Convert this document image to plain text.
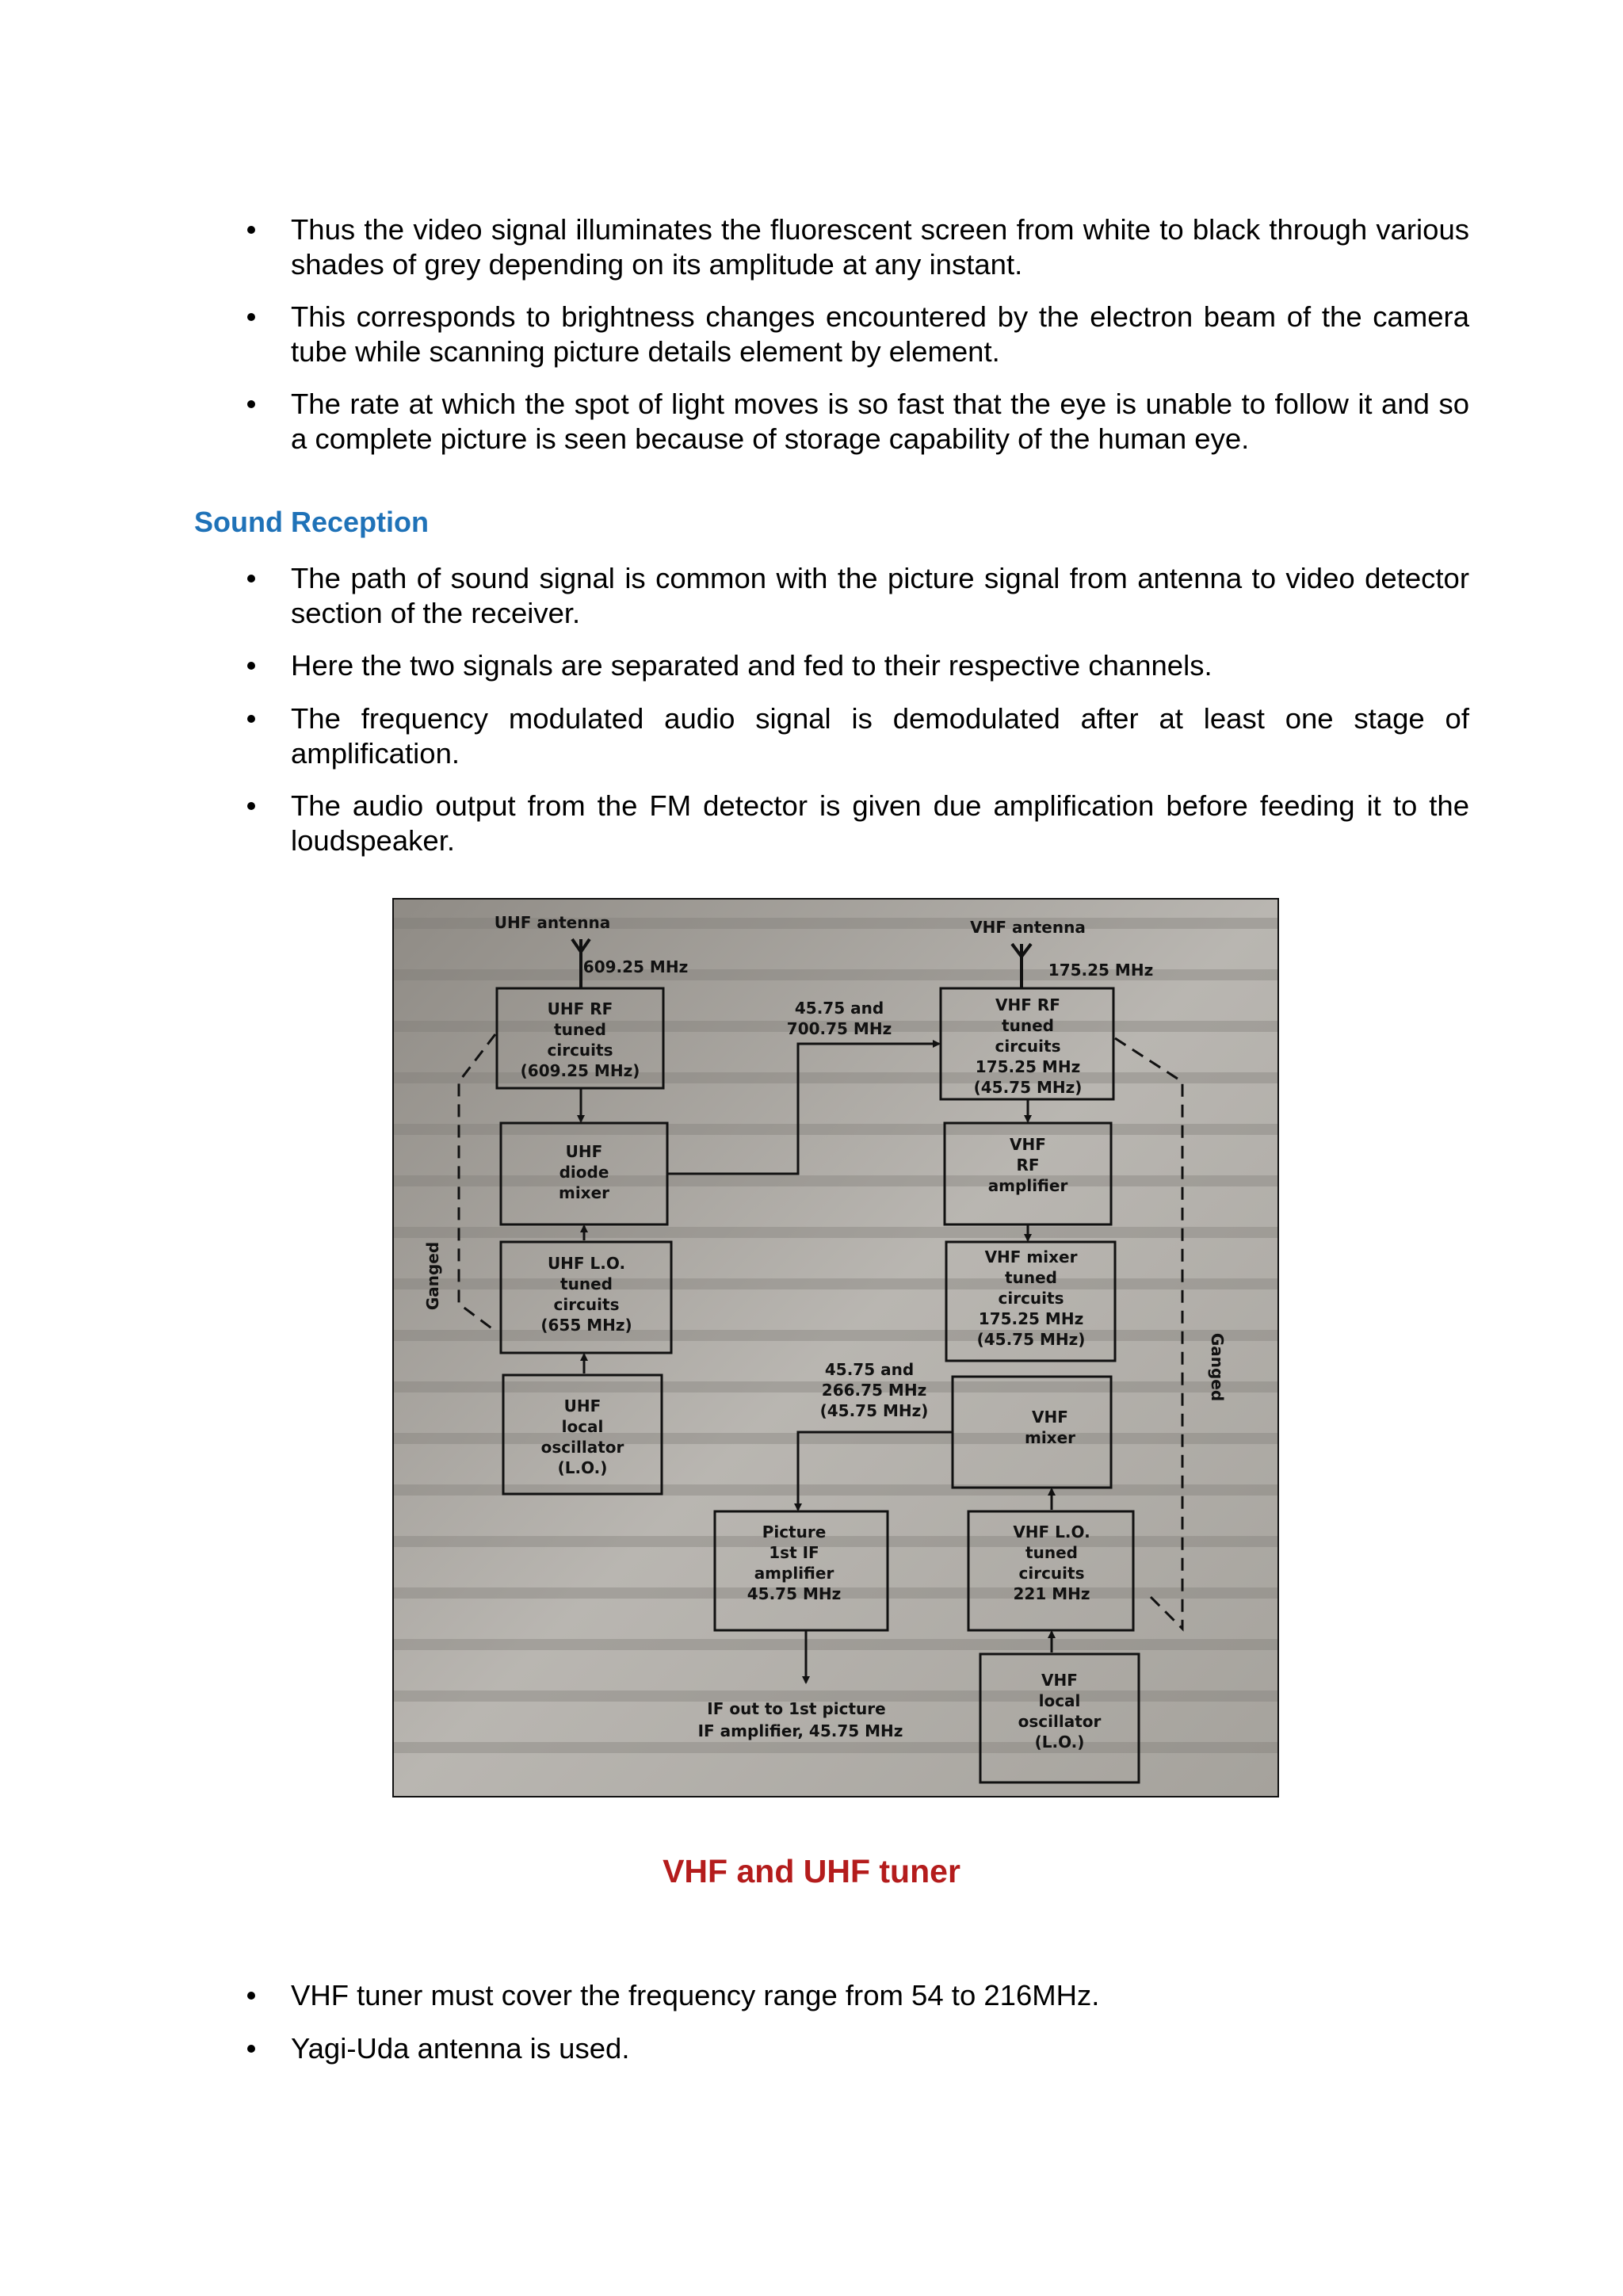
Thus the video signal illuminates the fluorescent screen from white to black through various shades of grey depending on its amplitude at any instant.
This corresponds to brightness changes encountered by the electron beam of the camera tube while scanning picture details element by element.
The rate at which the spot of light moves is so fast that the eye is unable to follow it and so a complete picture is seen because of storage capability of the human eye.
Sound Reception
The path of sound signal is common with the picture signal from antenna to video detector section of the receiver.
Here the two signals are separated and fed to their respective channels.
The frequency modulated audio signal is demodulated after at least one stage of amplification.
The audio output from the FM detector is given due amplification before feeding it to the loudspeaker.
UHF antenna
609.25 MHz
VHF antenna
175.25 MHz
UHF RF
tuned
circuits
(609.25 MHz)
UHF
diode
mixer
UHF L.O.
tuned
circuits
(655 MHz)
UHF
local
oscillator
(L.O.)
45.75 and
700.75 MHz
VHF RF
tuned
circuits
175.25 MHz
(45.75 MHz)
VHF
RF
amplifier
VHF mixer
tuned
circuits
175.25 MHz
(45.75 MHz)
VHF
mixer
45.75 and
266.75 MHz
(45.75 MHz)
Picture
1st IF
amplifier
45.75 MHz
VHF L.O.
tuned
circuits
221 MHz
VHF
local
oscillator
(L.O.)
IF out to 1st picture
IF amplifier, 45.75 MHz
Ganged
Ganged
VHF and UHF tuner
VHF tuner must cover the frequency range from 54 to 216MHz.
Yagi-Uda antenna is used.
